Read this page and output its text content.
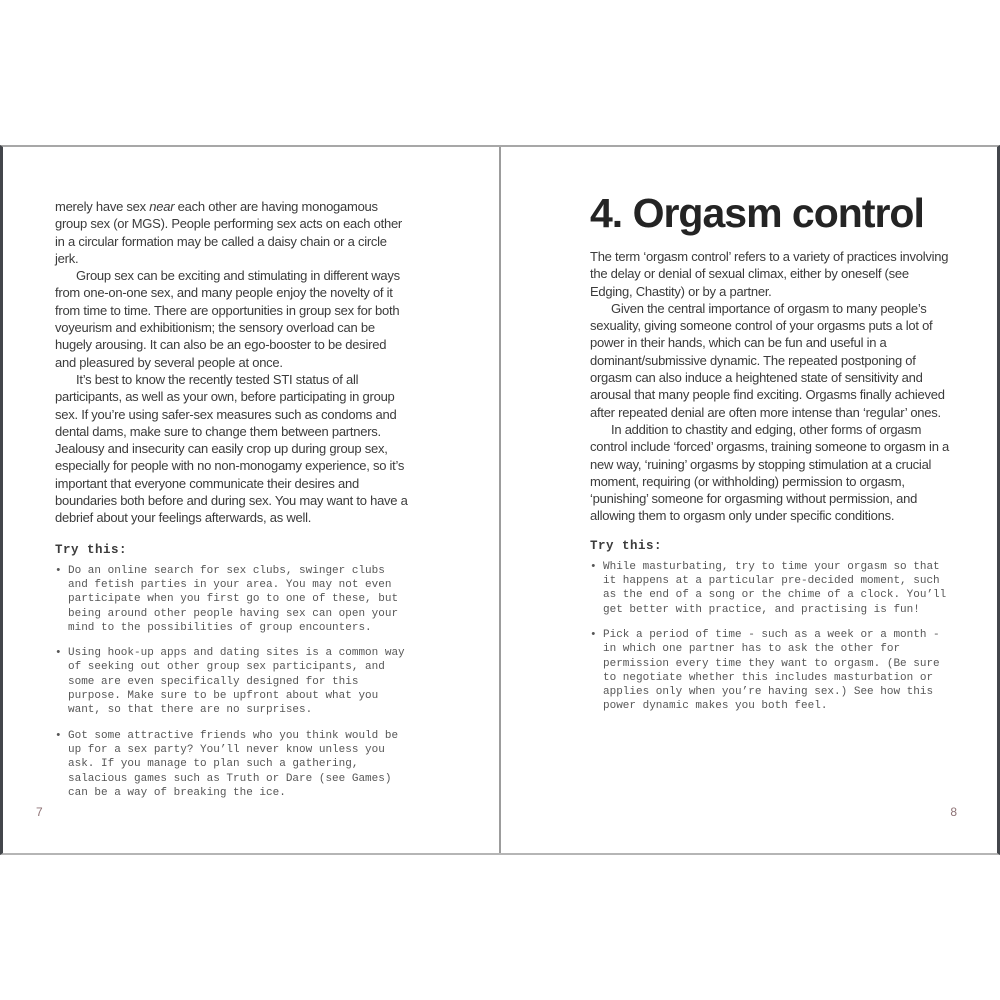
merely have sex near each other are having monogamous group sex (or MGS). People performing sex acts on each other in a circular formation may be called a daisy chain or a circle jerk.

Group sex can be exciting and stimulating in different ways from one-on-one sex, and many people enjoy the novelty of it from time to time. There are opportunities in group sex for both voyeurism and exhibitionism; the sensory overload can be hugely arousing. It can also be an ego-booster to be desired and pleasured by several people at once.

It’s best to know the recently tested STI status of all participants, as well as your own, before participating in group sex. If you’re using safer-sex measures such as condoms and dental dams, make sure to change them between partners. Jealousy and insecurity can easily crop up during group sex, especially for people with no non-monogamy experience, so it’s important that everyone communicate their desires and boundaries both before and during sex. You may want to have a debrief about your feelings afterwards, as well.

Try this:
• Do an online search for sex clubs, swinger clubs and fetish parties in your area. You may not even participate when you first go to one of these, but being around other people having sex can open your mind to the possibilities of group encounters.
• Using hook-up apps and dating sites is a common way of seeking out other group sex participants, and some are even specifically designed for this purpose. Make sure to be upfront about what you want, so that there are no surprises.
• Got some attractive friends who you think would be up for a sex party? You’ll never know unless you ask. If you manage to plan such a gathering, salacious games such as Truth or Dare (see Games) can be a way of breaking the ice.
7
4. Orgasm control

The term ‘orgasm control’ refers to a variety of practices involving the delay or denial of sexual climax, either by oneself (see Edging, Chastity) or by a partner.

Given the central importance of orgasm to many people’s sexuality, giving someone control of your orgasms puts a lot of power in their hands, which can be fun and useful in a dominant/submissive dynamic. The repeated postponing of orgasm can also induce a heightened state of sensitivity and arousal that many people find exciting. Orgasms finally achieved after repeated denial are often more intense than ‘regular’ ones.

In addition to chastity and edging, other forms of orgasm control include ‘forced’ orgasms, training someone to orgasm in a new way, ‘ruining’ orgasms by stopping stimulation at a crucial moment, requiring (or withholding) permission to orgasm, ‘punishing’ someone for orgasming without permission, and allowing them to orgasm only under specific conditions.

Try this:
• While masturbating, try to time your orgasm so that it happens at a particular pre-decided moment, such as the end of a song or the chime of a clock. You’ll get better with practice, and practising is fun!
• Pick a period of time - such as a week or a month - in which one partner has to ask the other for permission every time they want to orgasm. (Be sure to negotiate whether this includes masturbation or applies only when you’re having sex.) See how this power dynamic makes you both feel.
8
